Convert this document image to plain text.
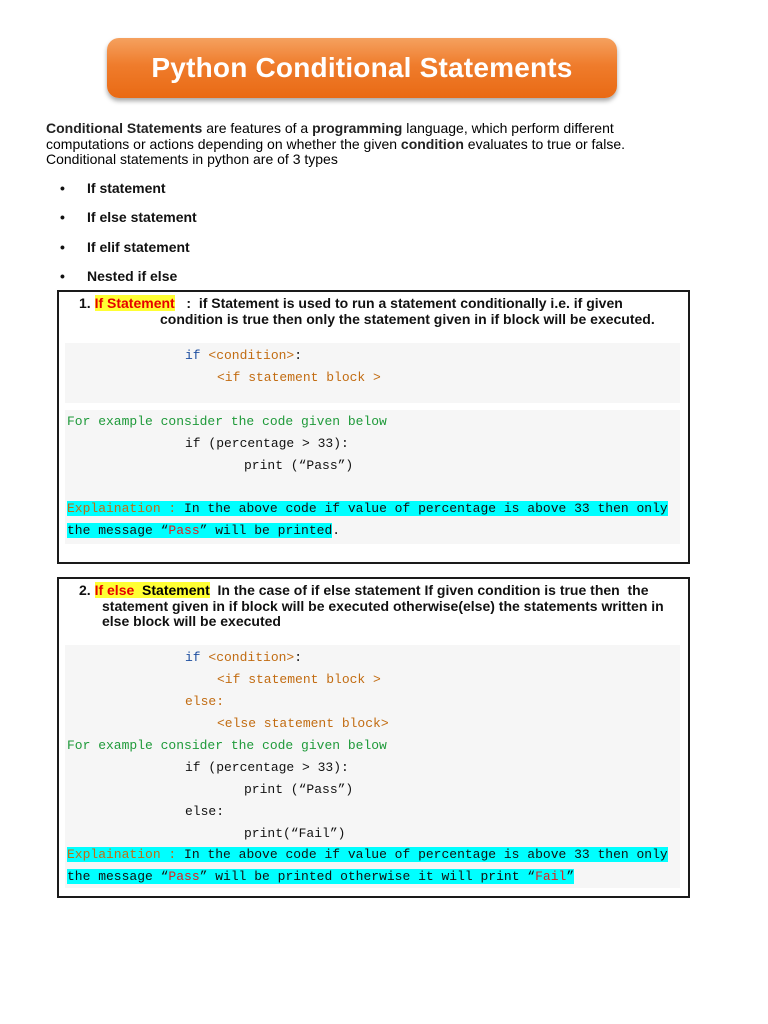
Python Conditional Statements

Conditional Statements are features of a programming language, which perform different computations or actions depending on whether the given condition evaluates to true or false. Conditional statements in python are of 3 types

• If statement
• If else statement
• If elif statement
• Nested if else
1. If Statement   :  if Statement is used to run a statement conditionally i.e. if given
condition is true then only the statement given in if block will be executed.
if <condition>:
<if statement block >
For example consider the code given below
if (percentage > 33):
print (“Pass”)
Explaination : In the above code if value of percentage is above 33 then only
the message “Pass” will be printed.
2. If else  Statement  In the case of if else statement If given condition is true then  the
statement given in if block will be executed otherwise(else) the statements written in
else block will be executed
if <condition>:
<if statement block >
else:
<else statement block>
For example consider the code given below
if (percentage > 33):
print (“Pass”)
else:
print(“Fail”)
Explaination : In the above code if value of percentage is above 33 then only
the message “Pass” will be printed otherwise it will print “Fail”
